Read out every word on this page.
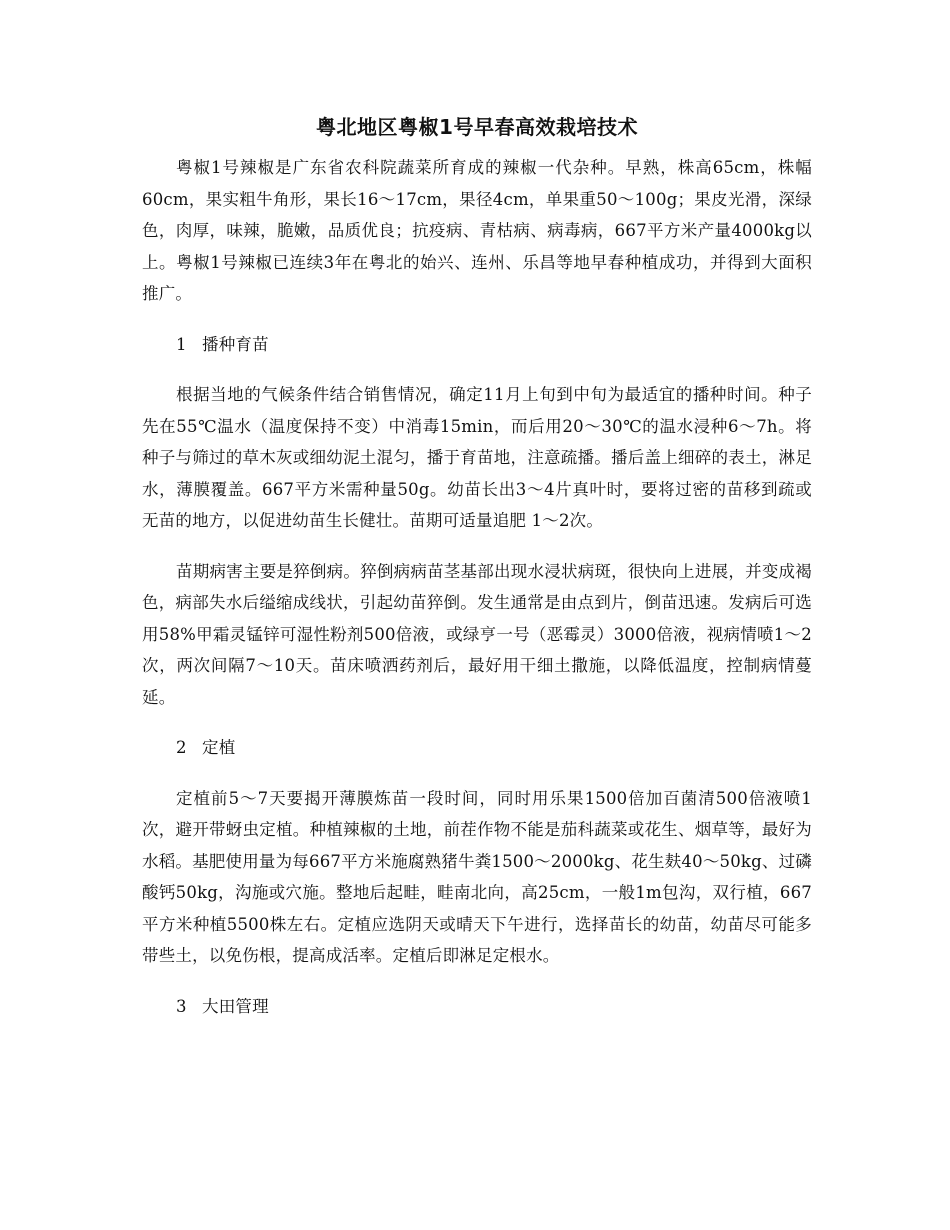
粤北地区粤椒1号早春高效栽培技术

粤椒1号辣椒是广东省农科院蔬菜所育成的辣椒一代杂种。早熟，株高65cm，株幅60cm，果实粗牛角形，果长16～17cm，果径4cm，单果重50～100g；果皮光滑，深绿色，肉厚，味辣，脆嫩，品质优良；抗疫病、青枯病、病毒病，667平方米产量4000kg以上。粤椒1号辣椒已连续3年在粤北的始兴、连州、乐昌等地早春种植成功，并得到大面积推广。

1 播种育苗

根据当地的气候条件结合销售情况，确定11月上旬到中旬为最适宜的播种时间。种子先在55℃温水（温度保持不变）中消毒15min，而后用20～30℃的温水浸种6～7h。将种子与筛过的草木灰或细幼泥土混匀，播于育苗地，注意疏播。播后盖上细碎的表土，淋足水，薄膜覆盖。667平方米需种量50g。幼苗长出3～4片真叶时，要将过密的苗移到疏或无苗的地方，以促进幼苗生长健壮。苗期可适量追肥 1～2次。

苗期病害主要是猝倒病。猝倒病病苗茎基部出现水浸状病斑，很快向上进展，并变成褐色，病部失水后缢缩成线状，引起幼苗猝倒。发生通常是由点到片，倒苗迅速。发病后可选用58%甲霜灵锰锌可湿性粉剂500倍液，或绿亨一号（恶霉灵）3000倍液，视病情喷1～2次，两次间隔7～10天。苗床喷洒药剂后，最好用干细土撒施，以降低温度，控制病情蔓延。

2 定植

定植前5～7天要揭开薄膜炼苗一段时间，同时用乐果1500倍加百菌清500倍液喷1次，避开带蚜虫定植。种植辣椒的土地，前茬作物不能是茄科蔬菜或花生、烟草等，最好为水稻。基肥使用量为每667平方米施腐熟猪牛粪1500～2000kg、花生麸40～50kg、过磷酸钙50kg，沟施或穴施。整地后起畦，畦南北向，高25cm，一般1m包沟，双行植，667平方米种植5500株左右。定植应选阴天或晴天下午进行，选择苗长的幼苗，幼苗尽可能多带些土，以免伤根，提高成活率。定植后即淋足定根水。

3 大田管理
